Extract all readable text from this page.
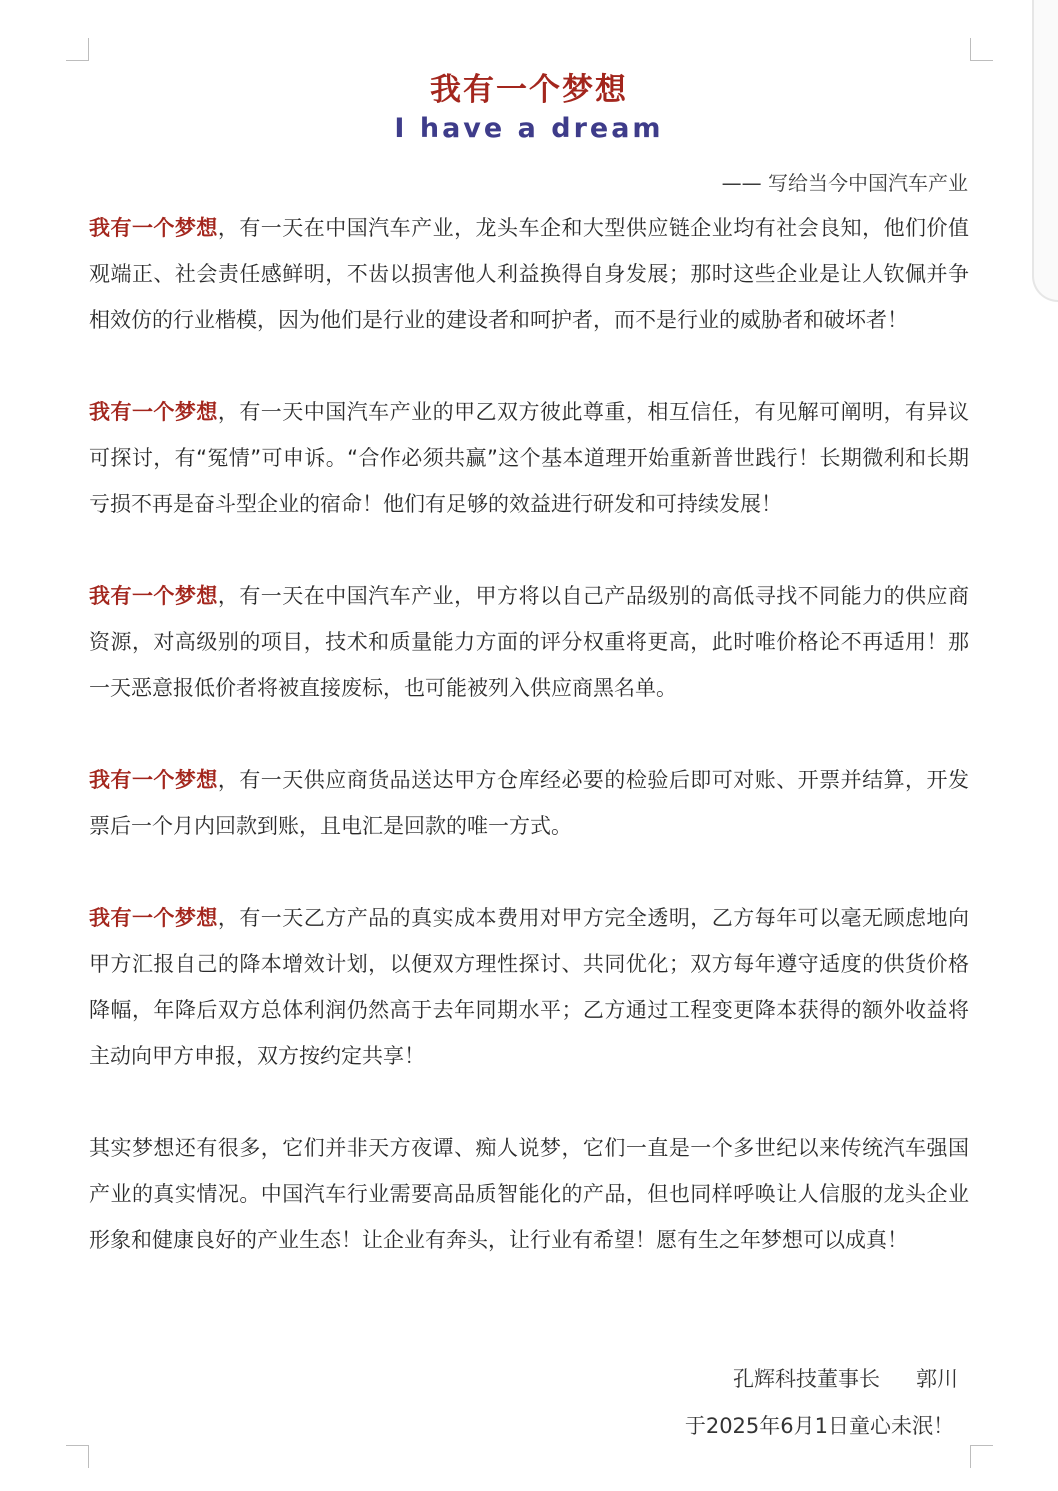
我有一个梦想
I have a dream
—— 写给当今中国汽车产业

我有一个梦想，有一天在中国汽车产业，龙头车企和大型供应链企业均有社会良知，他们价值观端正、社会责任感鲜明，不齿以损害他人利益换得自身发展；那时这些企业是让人钦佩并争相效仿的行业楷模，因为他们是行业的建设者和呵护者，而不是行业的威胁者和破坏者！

我有一个梦想，有一天中国汽车产业的甲乙双方彼此尊重，相互信任，有见解可阐明，有异议可探讨，有“冤情”可申诉。“合作必须共赢”这个基本道理开始重新普世践行！长期微利和长期亏损不再是奋斗型企业的宿命！他们有足够的效益进行研发和可持续发展！

我有一个梦想，有一天在中国汽车产业，甲方将以自己产品级别的高低寻找不同能力的供应商资源，对高级别的项目，技术和质量能力方面的评分权重将更高，此时唯价格论不再适用！那一天恶意报低价者将被直接废标，也可能被列入供应商黑名单。

我有一个梦想，有一天供应商货品送达甲方仓库经必要的检验后即可对账、开票并结算，开发票后一个月内回款到账，且电汇是回款的唯一方式。

我有一个梦想，有一天乙方产品的真实成本费用对甲方完全透明，乙方每年可以毫无顾虑地向甲方汇报自己的降本增效计划，以便双方理性探讨、共同优化；双方每年遵守适度的供货价格降幅，年降后双方总体利润仍然高于去年同期水平；乙方通过工程变更降本获得的额外收益将主动向甲方申报，双方按约定共享！

其实梦想还有很多，它们并非天方夜谭、痴人说梦，它们一直是一个多世纪以来传统汽车强国产业的真实情况。中国汽车行业需要高品质智能化的产品，但也同样呼唤让人信服的龙头企业形象和健康良好的产业生态！让企业有奔头，让行业有希望！愿有生之年梦想可以成真！

孔辉科技董事长 郭川
于2025年6月1日童心未泯！
